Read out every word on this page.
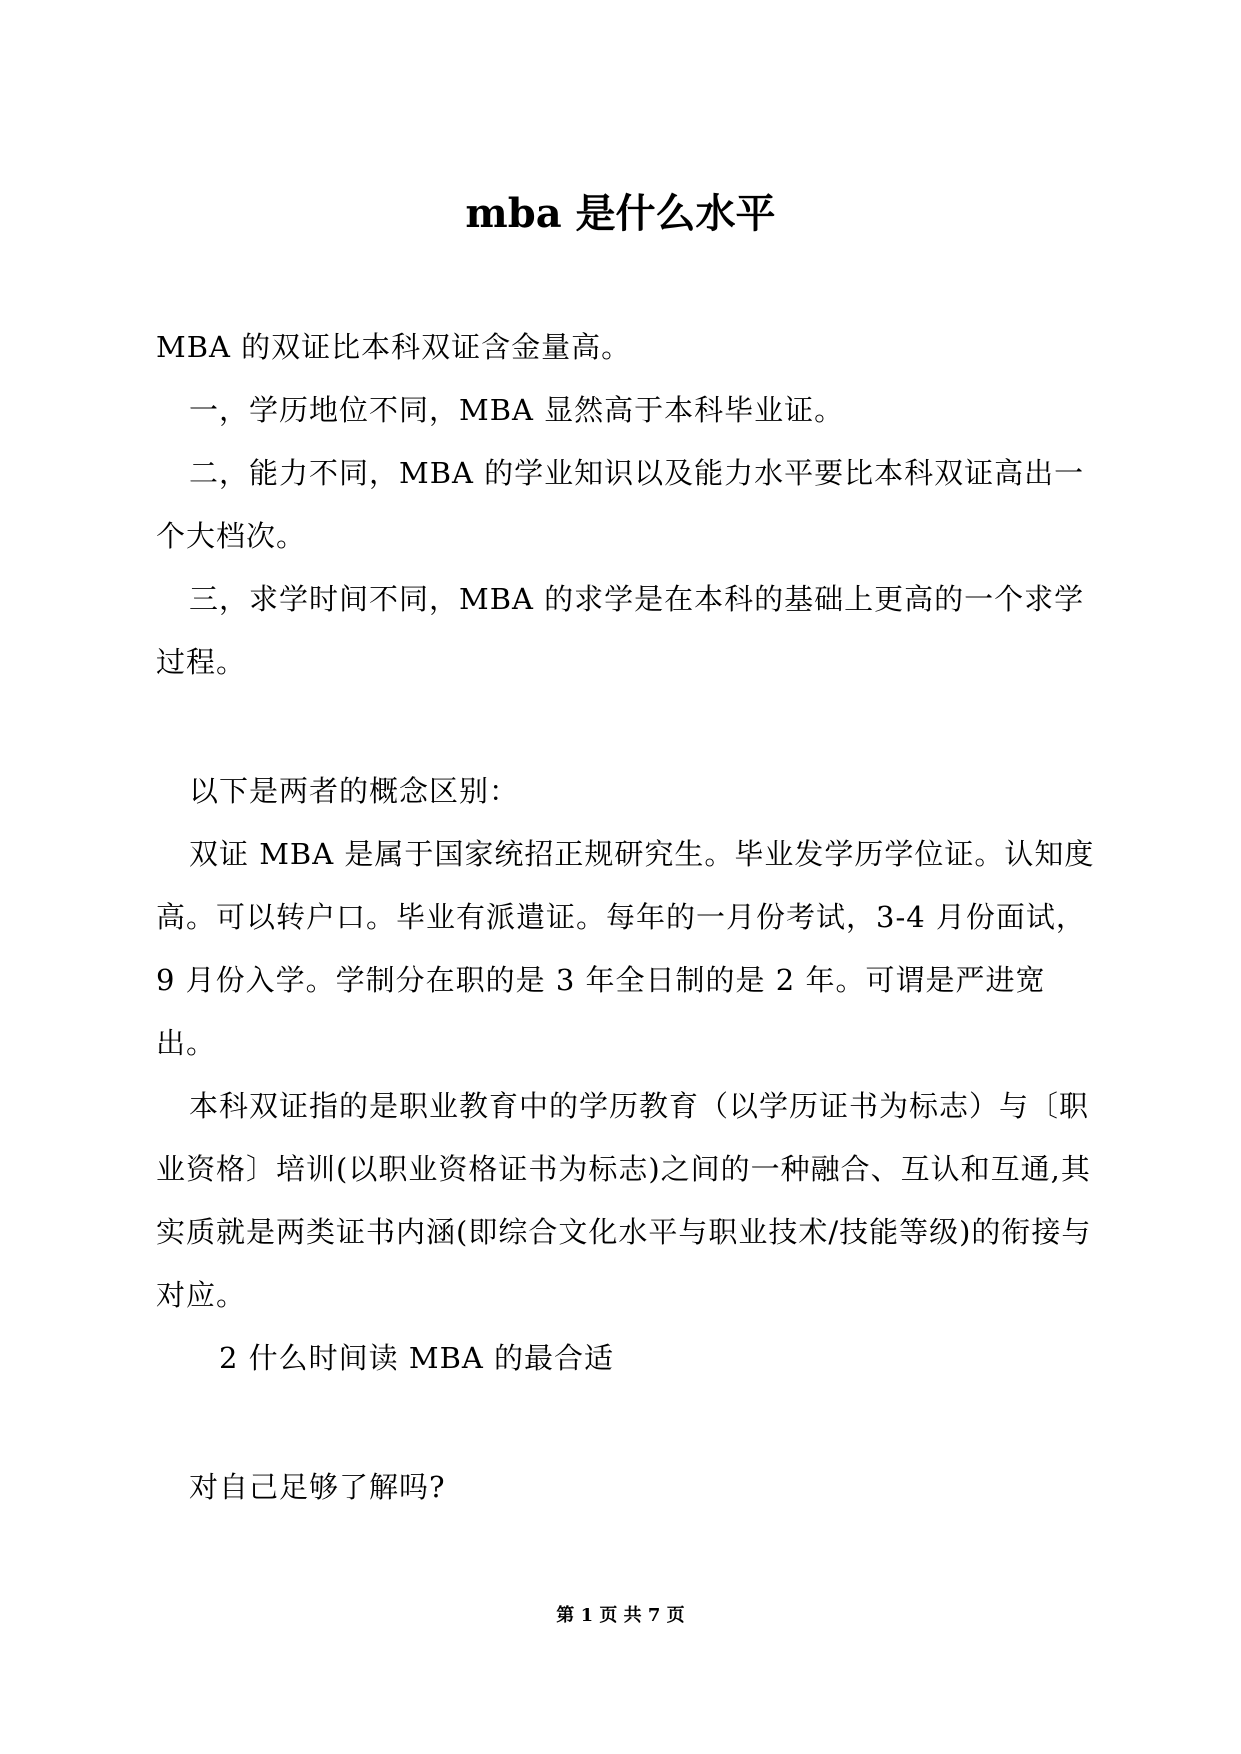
mba 是什么水平

MBA 的双证比本科双证含金量高。

一，学历地位不同，MBA 显然高于本科毕业证。

二，能力不同，MBA 的学业知识以及能力水平要比本科双证高出一个大档次。

三，求学时间不同，MBA 的求学是在本科的基础上更高的一个求学过程。

以下是两者的概念区别：

双证 MBA 是属于国家统招正规研究生。毕业发学历学位证。认知度高。可以转户口。毕业有派遣证。每年的一月份考试，3-4 月份面试，9 月份入学。学制分在职的是 3 年全日制的是 2 年。可谓是严进宽出。

本科双证指的是职业教育中的学历教育（以学历证书为标志）与〔职业资格〕培训(以职业资格证书为标志)之间的一种融合、互认和互通,其实质就是两类证书内涵(即综合文化水平与职业技术/技能等级)的衔接与对应。

2 什么时间读 MBA 的最合适

对自己足够了解吗?

第 1 页 共 7 页
